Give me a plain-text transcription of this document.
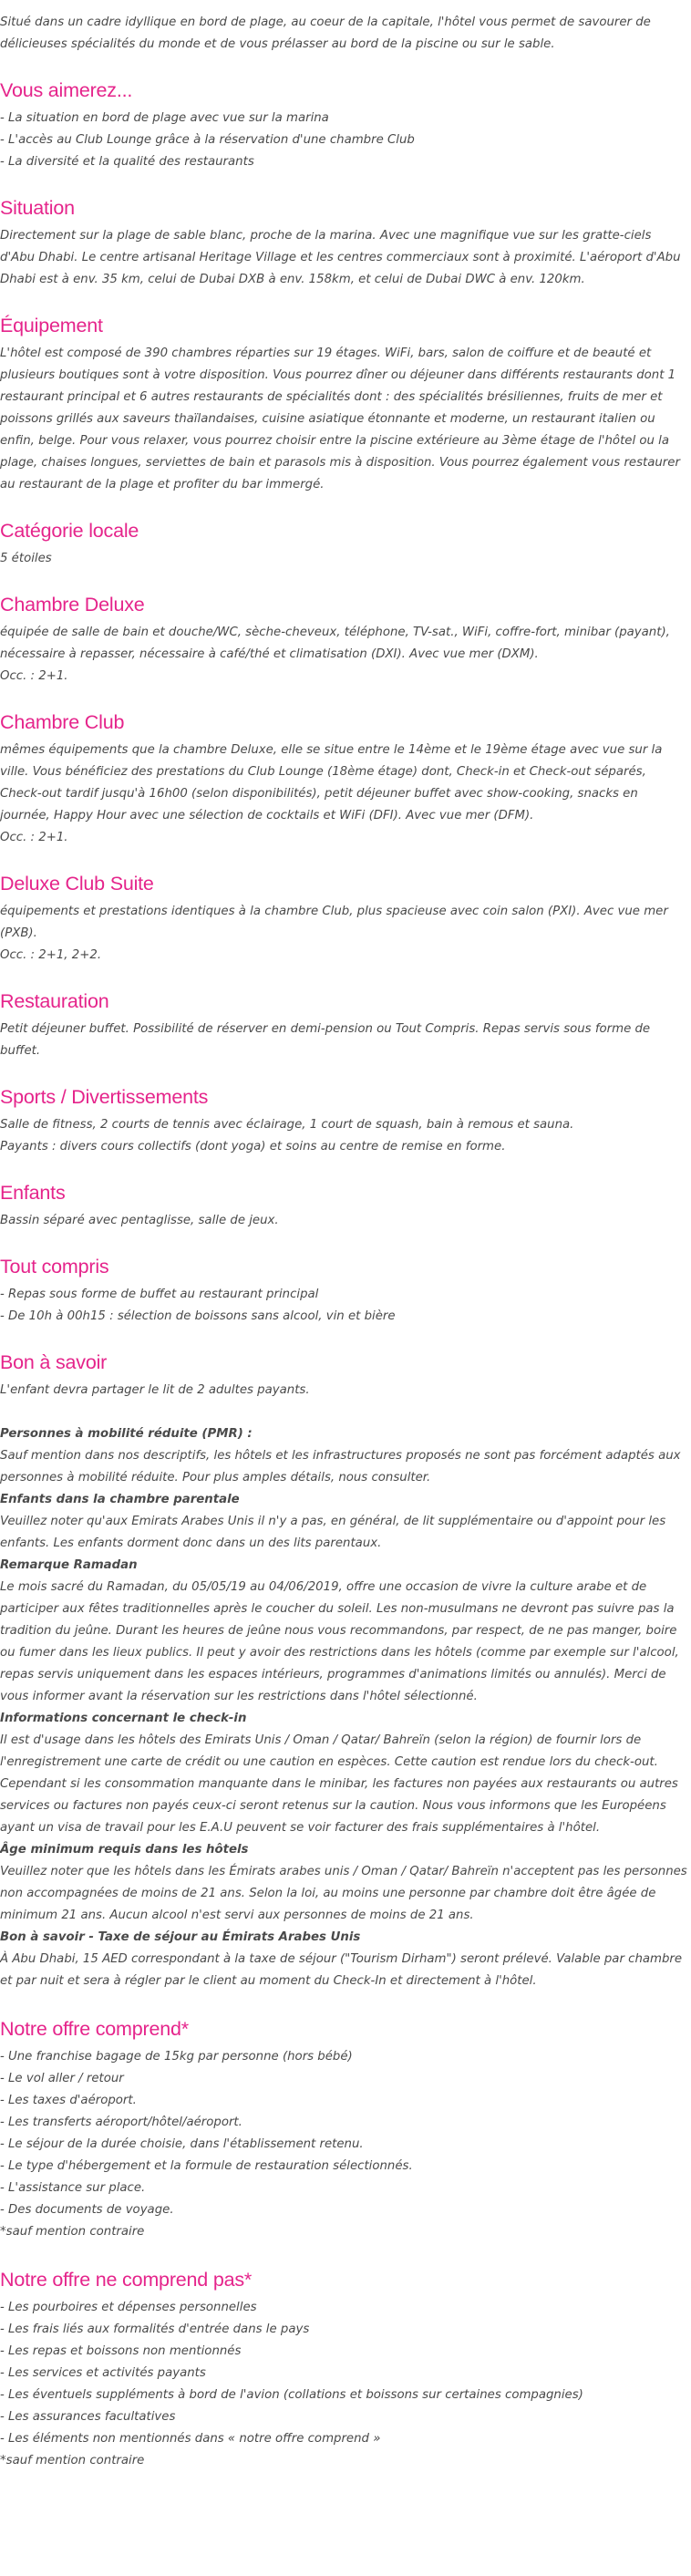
Situé dans un cadre idyllique en bord de plage, au coeur de la capitale, l'hôtel vous permet de savourer de délicieuses spécialités du monde et de vous prélasser au bord de la piscine ou sur le sable.

Vous aimerez...

- La situation en bord de plage avec vue sur la marina

- L'accès au Club Lounge grâce à la réservation d'une chambre Club

- La diversité et la qualité des restaurants

Situation

Directement sur la plage de sable blanc, proche de la marina. Avec une magnifique vue sur les gratte-ciels d'Abu Dhabi. Le centre artisanal Heritage Village et les centres commerciaux sont à proximité. L'aéroport d'Abu Dhabi est à env. 35 km, celui de Dubai DXB à env. 158km, et celui de Dubai DWC à env. 120km.

Équipement

L'hôtel est composé de 390 chambres réparties sur 19 étages. WiFi, bars, salon de coiffure et de beauté et plusieurs boutiques sont à votre disposition. Vous pourrez dîner ou déjeuner dans différents restaurants dont 1 restaurant principal et 6 autres restaurants de spécialités dont : des spécialités brésiliennes, fruits de mer et poissons grillés aux saveurs thaïlandaises, cuisine asiatique étonnante et moderne, un restaurant italien ou enfin, belge. Pour vous relaxer, vous pourrez choisir entre la piscine extérieure au 3ème étage de l'hôtel ou la plage, chaises longues, serviettes de bain et parasols mis à disposition. Vous pourrez également vous restaurer au restaurant de la plage et profiter du bar immergé.

Catégorie locale

5 étoiles

Chambre Deluxe

équipée de salle de bain et douche/WC, sèche-cheveux, téléphone, TV-sat., WiFi, coffre-fort, minibar (payant), nécessaire à repasser, nécessaire à café/thé et climatisation (DXI). Avec vue mer (DXM).

Occ. : 2+1.

Chambre Club

mêmes équipements que la chambre Deluxe, elle se situe entre le 14ème et le 19ème étage avec vue sur la ville. Vous bénéficiez des prestations du Club Lounge (18ème étage) dont, Check-in et Check-out séparés, Check-out tardif jusqu'à 16h00 (selon disponibilités), petit déjeuner buffet avec show-cooking, snacks en journée, Happy Hour avec une sélection de cocktails et WiFi (DFI). Avec vue mer (DFM).

Occ. : 2+1.

Deluxe Club Suite

équipements et prestations identiques à la chambre Club, plus spacieuse avec coin salon (PXI). Avec vue mer (PXB).

Occ. : 2+1, 2+2.

Restauration

Petit déjeuner buffet. Possibilité de réserver en demi-pension ou Tout Compris. Repas servis sous forme de buffet.

Sports / Divertissements

Salle de fitness, 2 courts de tennis avec éclairage, 1 court de squash, bain à remous et sauna.

Payants : divers cours collectifs (dont yoga) et soins au centre de remise en forme.

Enfants

Bassin séparé avec pentaglisse, salle de jeux.

Tout compris

- Repas sous forme de buffet au restaurant principal

- De 10h à 00h15 : sélection de boissons sans alcool, vin et bière

Bon à savoir

L'enfant devra partager le lit de 2 adultes payants.

Personnes à mobilité réduite (PMR) :

Sauf mention dans nos descriptifs, les hôtels et les infrastructures proposés ne sont pas forcément adaptés aux personnes à mobilité réduite. Pour plus amples détails, nous consulter.

Enfants dans la chambre parentale

Veuillez noter qu'aux Emirats Arabes Unis il n'y a pas, en général, de lit supplémentaire ou d'appoint pour les enfants. Les enfants dorment donc dans un des lits parentaux.

Remarque Ramadan

Le mois sacré du Ramadan, du 05/05/19 au 04/06/2019, offre une occasion de vivre la culture arabe et de participer aux fêtes traditionnelles après le coucher du soleil. Les non-musulmans ne devront pas suivre pas la tradition du jeûne. Durant les heures de jeûne nous vous recommandons, par respect, de ne pas manger, boire ou fumer dans les lieux publics. Il peut y avoir des restrictions dans les hôtels (comme par exemple sur l'alcool, repas servis uniquement dans les espaces intérieurs, programmes d'animations limités ou annulés). Merci de vous informer avant la réservation sur les restrictions dans l'hôtel sélectionné.

Informations concernant le check-in

Il est d'usage dans les hôtels des Emirats Unis / Oman / Qatar/ Bahreïn (selon la région) de fournir lors de l'enregistrement une carte de crédit ou une caution en espèces. Cette caution est rendue lors du check-out. Cependant si les consommation manquante dans le minibar, les factures non payées aux restaurants ou autres services ou factures non payés ceux-ci seront retenus sur la caution. Nous vous informons que les Européens ayant un visa de travail pour les E.A.U peuvent se voir facturer des frais supplémentaires à l'hôtel.

Âge minimum requis dans les hôtels

Veuillez noter que les hôtels dans les Émirats arabes unis / Oman / Qatar/ Bahreïn n'acceptent pas les personnes non accompagnées de moins de 21 ans. Selon la loi, au moins une personne par chambre doit être âgée de minimum 21 ans. Aucun alcool n'est servi aux personnes de moins de 21 ans.

Bon à savoir - Taxe de séjour au Émirats Arabes Unis

À Abu Dhabi, 15 AED correspondant à la taxe de séjour ("Tourism Dirham") seront prélevé. Valable par chambre et par nuit et sera à régler par le client au moment du Check-In et directement à l'hôtel.

Notre offre comprend*
- Une franchise bagage de 15kg par personne (hors bébé)
- Le vol aller / retour
- Les taxes d'aéroport.
- Les transferts aéroport/hôtel/aéroport.
- Le séjour de la durée choisie, dans l'établissement retenu.
- Le type d'hébergement et la formule de restauration sélectionnés.
- L'assistance sur place.
- Des documents de voyage.

*sauf mention contraire

Notre offre ne comprend pas*
- Les pourboires et dépenses personnelles
- Les frais liés aux formalités d'entrée dans le pays
- Les repas et boissons non mentionnés
- Les services et activités payants
- Les éventuels suppléments à bord de l'avion (collations et boissons sur certaines compagnies)
- Les assurances facultatives
- Les éléments non mentionnés dans « notre offre comprend »

*sauf mention contraire
